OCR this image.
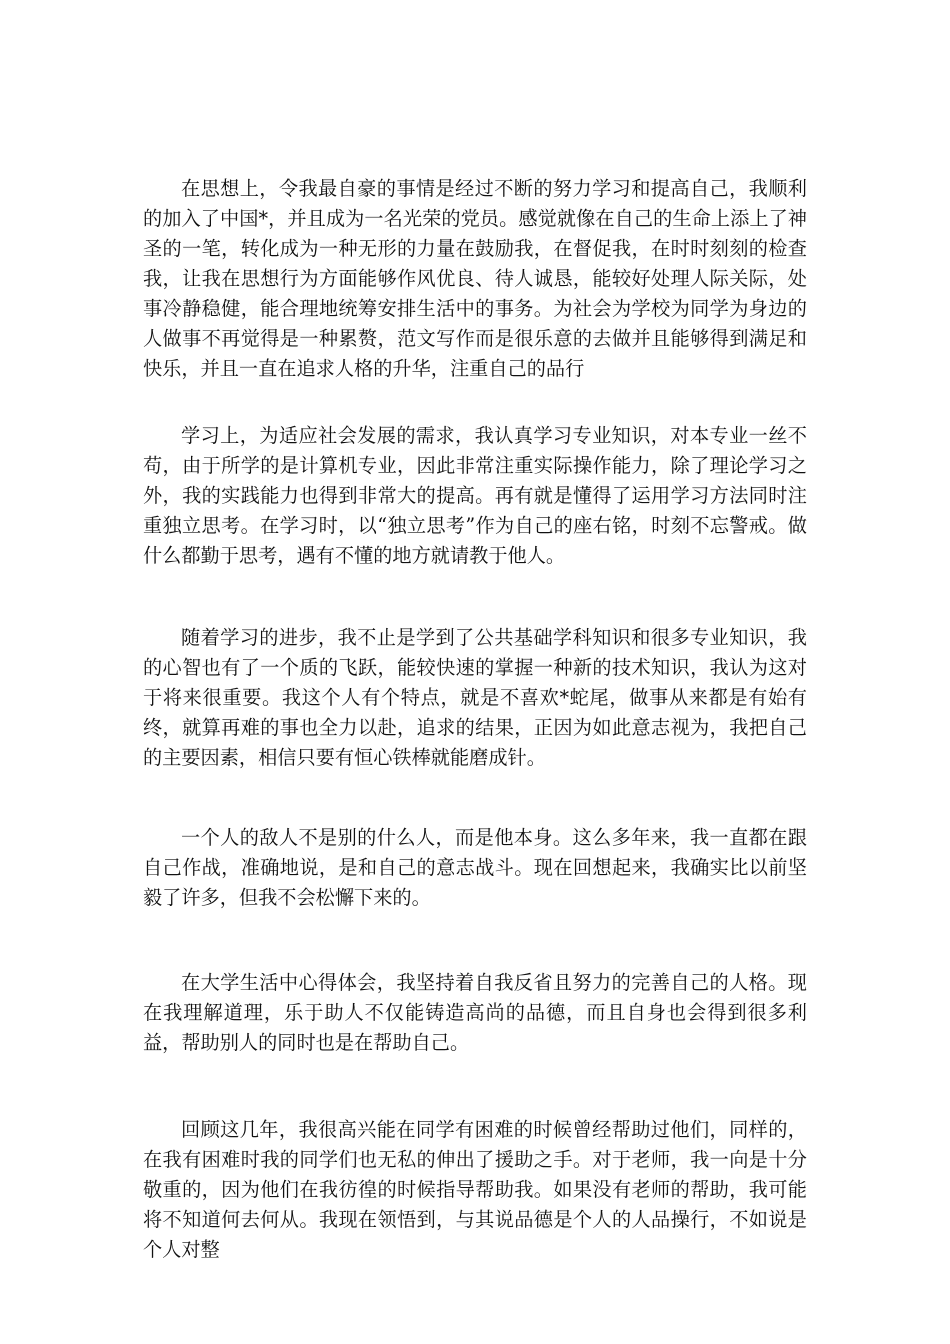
在思想上，令我最自豪的事情是经过不断的努力学习和提高自己，我顺利的加入了中国*，并且成为一名光荣的党员。感觉就像在自己的生命上添上了神圣的一笔，转化成为一种无形的力量在鼓励我，在督促我，在时时刻刻的检查我，让我在思想行为方面能够作风优良、待人诚恳，能较好处理人际关际，处事冷静稳健，能合理地统筹安排生活中的事务。为社会为学校为同学为身边的人做事不再觉得是一种累赘，范文写作而是很乐意的去做并且能够得到满足和快乐，并且一直在追求人格的升华，注重自己的品行

学习上，为适应社会发展的需求，我认真学习专业知识，对本专业一丝不苟，由于所学的是计算机专业，因此非常注重实际操作能力，除了理论学习之外，我的实践能力也得到非常大的提高。再有就是懂得了运用学习方法同时注重独立思考。在学习时，以“独立思考”作为自己的座右铭，时刻不忘警戒。做什么都勤于思考，遇有不懂的地方就请教于他人。

随着学习的进步，我不止是学到了公共基础学科知识和很多专业知识，我的心智也有了一个质的飞跃，能较快速的掌握一种新的技术知识，我认为这对于将来很重要。我这个人有个特点，就是不喜欢*蛇尾，做事从来都是有始有终，就算再难的事也全力以赴，追求的结果，正因为如此意志视为，我把自己的主要因素，相信只要有恒心铁棒就能磨成针。

一个人的敌人不是别的什么人，而是他本身。这么多年来，我一直都在跟自己作战，准确地说，是和自己的意志战斗。现在回想起来，我确实比以前坚毅了许多，但我不会松懈下来的。

在大学生活中心得体会，我坚持着自我反省且努力的完善自己的人格。现在我理解道理，乐于助人不仅能铸造高尚的品德，而且自身也会得到很多利益，帮助别人的同时也是在帮助自己。

回顾这几年，我很高兴能在同学有困难的时候曾经帮助过他们，同样的，在我有困难时我的同学们也无私的伸出了援助之手。对于老师，我一向是十分敬重的，因为他们在我彷徨的时候指导帮助我。如果没有老师的帮助，我可能将不知道何去何从。我现在领悟到，与其说品德是个人的人品操行，不如说是个人对整
